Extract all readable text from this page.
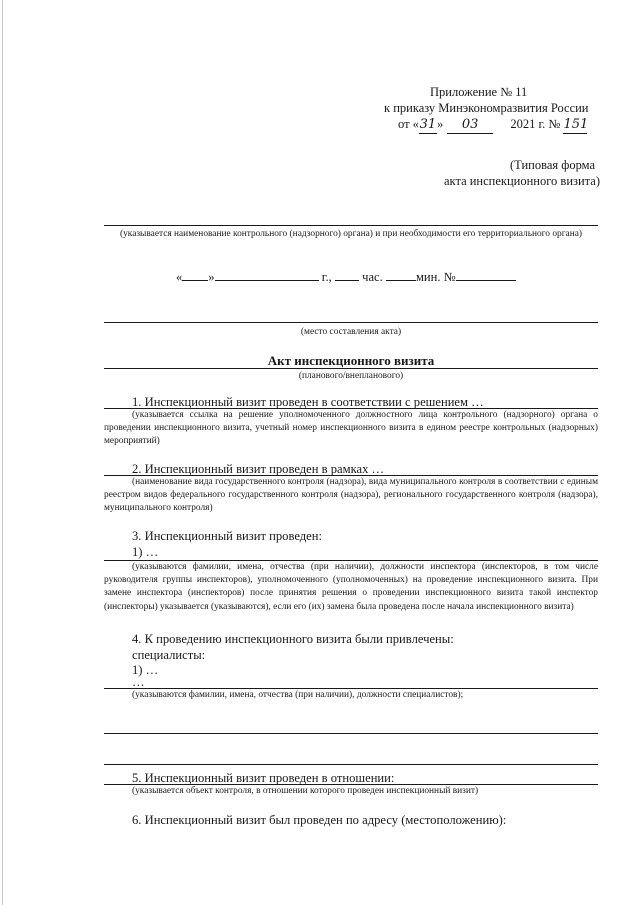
Приложение № 11
к приказу Минэкономразвития России
от «31» 03	2021 г. № 151
(Типовая форма
акта инспекционного визита)
(указывается наименование контрольного (надзорного) органа) и при необходимости его территориального органа)
« »	г., час.	мин. №
(место составления акта)
Акт инспекционного визита
(планового/внепланового)
1. Инспекционный визит проведен в соответствии с решением …
(указывается ссылка на решение уполномоченного должностного лица контрольного (надзорного) органа о проведении инспекционного визита, учетный номер инспекционного визита в едином реестре контрольных (надзорных) мероприятий)
2. Инспекционный визит проведен в рамках …
(наименование вида государственного контроля (надзора), вида муниципального контроля в соответствии с единым реестром видов федерального государственного контроля (надзора), регионального государственного контроля (надзора), муниципального контроля)
3. Инспекционный визит проведен:
1) …
(указываются фамилии, имена, отчества (при наличии), должности инспектора (инспекторов, в том числе руководителя группы инспекторов), уполномоченного (уполномоченных) на проведение инспекционного визита. При замене инспектора (инспекторов) после принятия решения о проведении инспекционного визита такой инспектор (инспекторы) указывается (указываются), если его (их) замена была проведена после начала инспекционного визита)
4. К проведению инспекционного визита были привлечены:
специалисты:
1) …
…
(указываются фамилии, имена, отчества (при наличии), должности специалистов);
5. Инспекционный визит проведен в отношении:
(указывается объект контроля, в отношении которого проведен инспекционный визит)
6. Инспекционный визит был проведен по адресу (местоположению):
